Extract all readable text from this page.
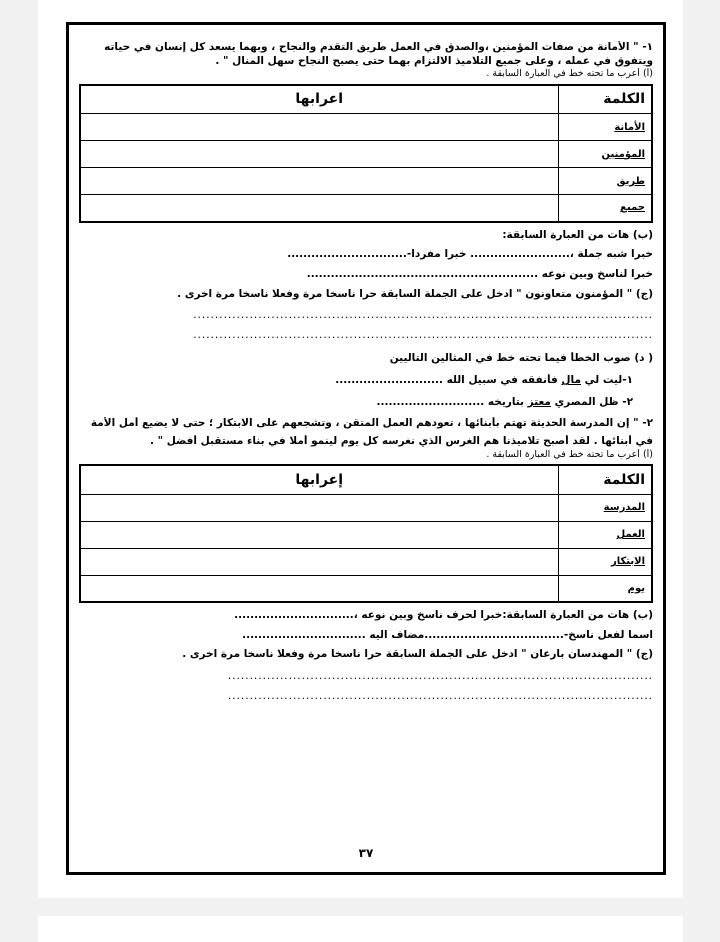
١- " الأمانة من صفات المؤمنين ،والصدق في العمل طريق التقدم والنجاح ، وبهما يسعد كل إنسان في حياته
ويتفوق في عمله ، وعلى جميع التلاميذ الالتزام بهما حتى يصبح النجاح سهل المنال " .
(أ) أعرب ما تحته خط في العبارة السابقة .
الكلمة	اعرابها
الأمانة	
المؤمنين	
طريق	
جميع	
(ب) هات من العبارة السابقة:
خبرا شبه جملة ،......................... خبرا مفردا-..............................
خبرا لناسخ وبين نوعه ..........................................................
(ج) " المؤمنون متعاونون " ادخل على الجملة السابقة حرا ناسخا مرة وفعلا ناسخا مرة اخرى .
..........................................................................................................
..........................................................................................................
( د) صوب الخطأ فيما تحته خط في المثالين التاليين
١-ليت لي مال فأنفقه في سبيل الله ...........................
٢- ظل المصري معتز بتاريخه ...........................
٢- " إن المدرسة الحديثة تهتم بأبنائها ، تعودهم العمل المتقن ، وتشجعهم على الابتكار ؛ حتى لا يضيع أمل الأمة
في أبنائها . لقد أصبح تلاميذنا هم الغرس الذي نغرسه كل يوم لينمو أملا في بناء مستقبل أفضل " .
(أ) أعرب ما تحته خط في العبارة السابقة .
الكلمة	إعرابها
المدرسة	
العمل	
الابتكار	
يوم	
(ب) هات من العبارة السابقة:خبرا لحرف ناسخ وبين نوعه ،..............................
اسما لفعل ناسخ-...................................مضاف اليه ...............................
(ج) " المهندسان بارعان " ادخل على الجملة السابقة حرا ناسخا مرة وفعلا ناسخا مرة اخرى .
..................................................................................................
..................................................................................................
٣٧
